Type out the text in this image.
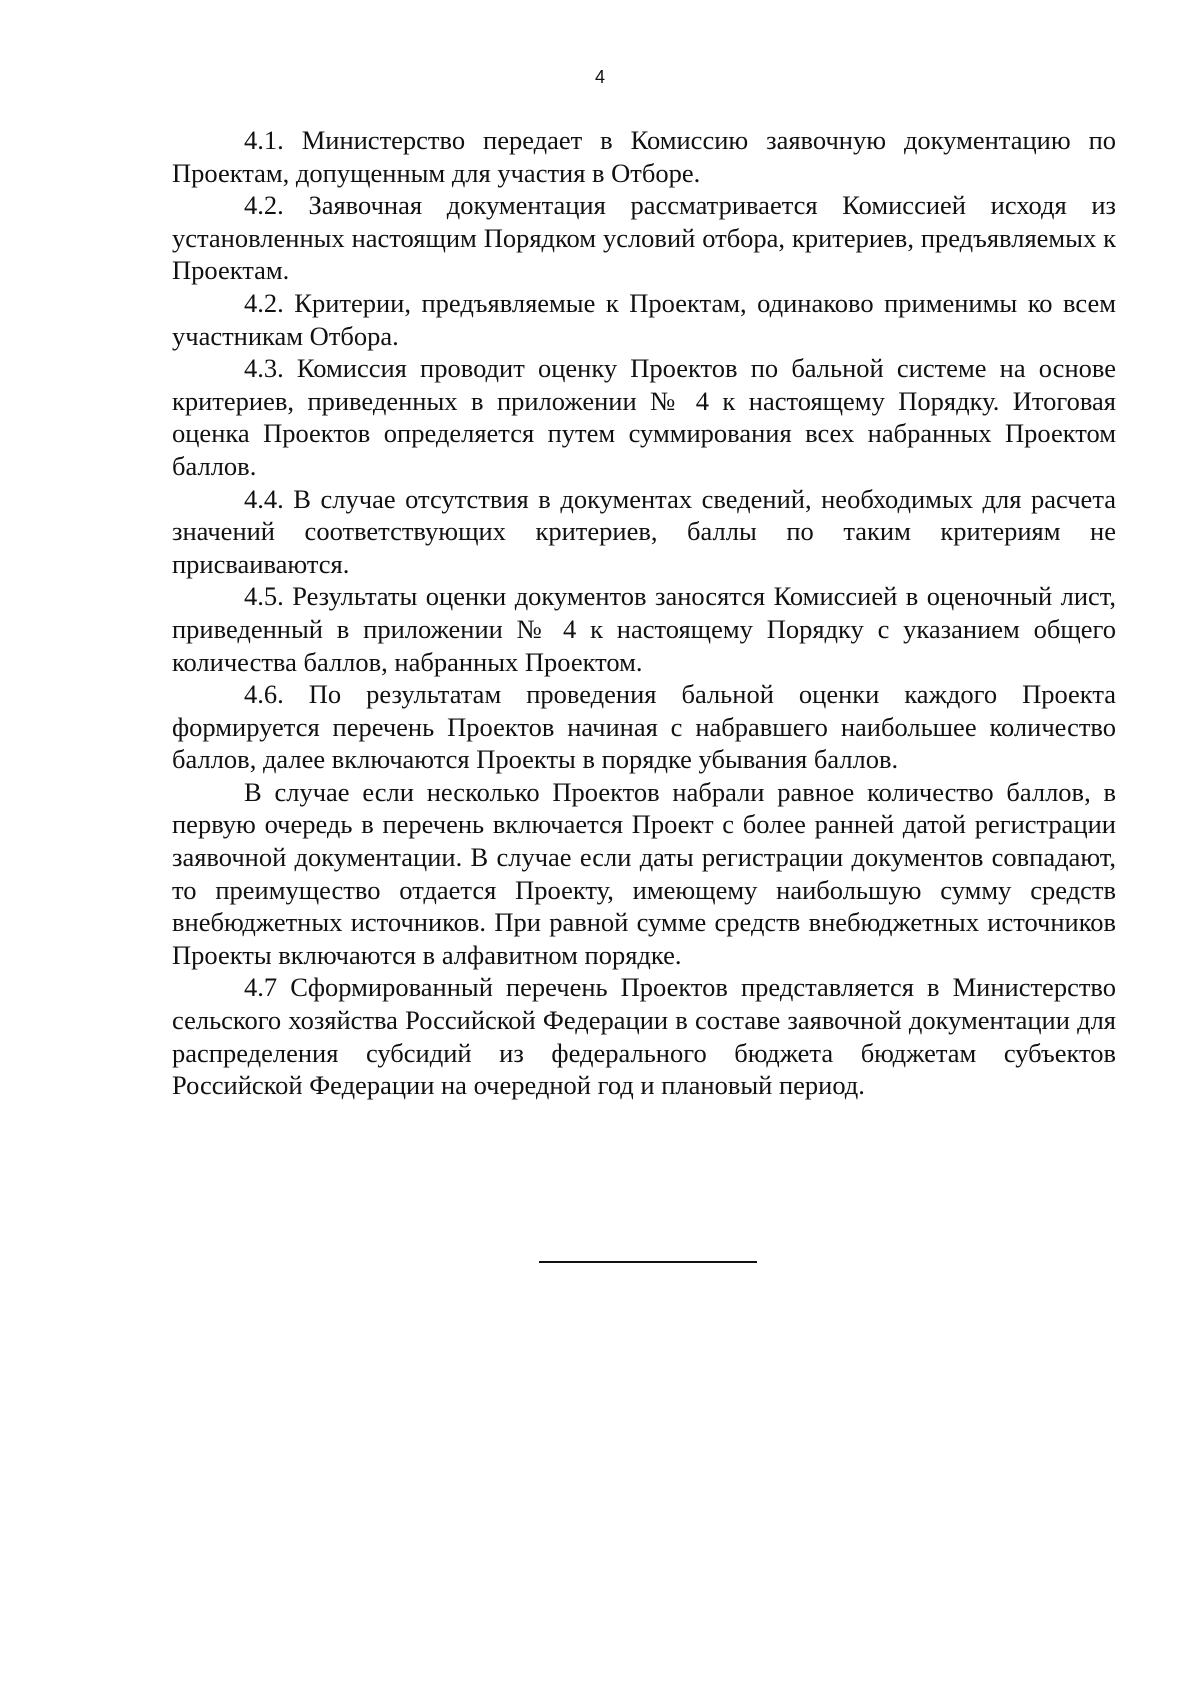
4

4.1. Министерство передает в Комиссию заявочную документацию по Проектам, допущенным для участия в Отборе.

4.2. Заявочная документация рассматривается Комиссией исходя из установленных настоящим Порядком условий отбора, критериев, предъявляемых к Проектам.

4.2. Критерии, предъявляемые к Проектам, одинаково применимы ко всем участникам Отбора.

4.3. Комиссия проводит оценку Проектов по бальной системе на основе критериев, приведенных в приложении № 4 к настоящему Порядку. Итоговая оценка Проектов определяется путем суммирования всех набранных Проектом баллов.

4.4. В случае отсутствия в документах сведений, необходимых для расчета значений соответствующих критериев, баллы по таким критериям не присваиваются.

4.5. Результаты оценки документов заносятся Комиссией в оценочный лист, приведенный в приложении № 4 к настоящему Порядку с указанием общего количества баллов, набранных Проектом.

4.6. По результатам проведения бальной оценки каждого Проекта формируется перечень Проектов начиная с набравшего наибольшее количество баллов, далее включаются Проекты в порядке убывания баллов.

В случае если несколько Проектов набрали равное количество баллов, в первую очередь в перечень включается Проект с более ранней датой регистрации заявочной документации. В случае если даты регистрации документов совпадают, то преимущество отдается Проекту, имеющему наибольшую сумму средств внебюджетных источников. При равной сумме средств внебюджетных источников Проекты включаются в алфавитном порядке.

4.7 Сформированный перечень Проектов представляется в Министерство сельского хозяйства Российской Федерации в составе заявочной документации для распределения субсидий из федерального бюджета бюджетам субъектов Российской Федерации на очередной год и плановый период.
